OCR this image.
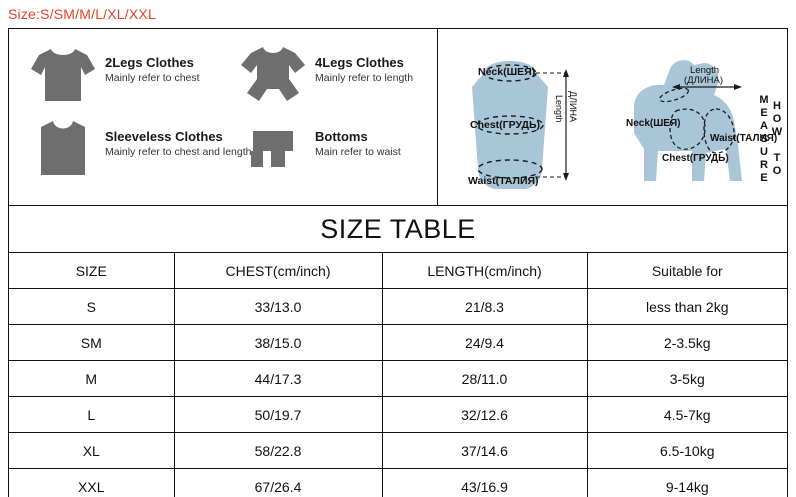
Size:S/SM/M/L/XL/XXL
2Legs Clothes
Mainly refer to chest
4Legs Clothes
Mainly refer to length
Sleeveless Clothes
Mainly refer to chest and length
Bottoms
Main refer to waist
Neck(ШЕЯ)
Chest(ГРУДЬ)
Waist(ТАЛИЯ)
Length ДЛИНА
Neck(ШЕЯ)
Chest(ГРУДЬ)
Waist(ТАЛИЯ)
Length
(ДЛИНА)
HOW TO MEASURE
SIZE TABLE
SIZE	CHEST(cm/inch)	LENGTH(cm/inch)	Suitable for
S	33/13.0	21/8.3	less than 2kg
SM	38/15.0	24/9.4	2-3.5kg
M	44/17.3	28/11.0	3-5kg
L	50/19.7	32/12.6	4.5-7kg
XL	58/22.8	37/14.6	6.5-10kg
XXL	67/26.4	43/16.9	9-14kg
